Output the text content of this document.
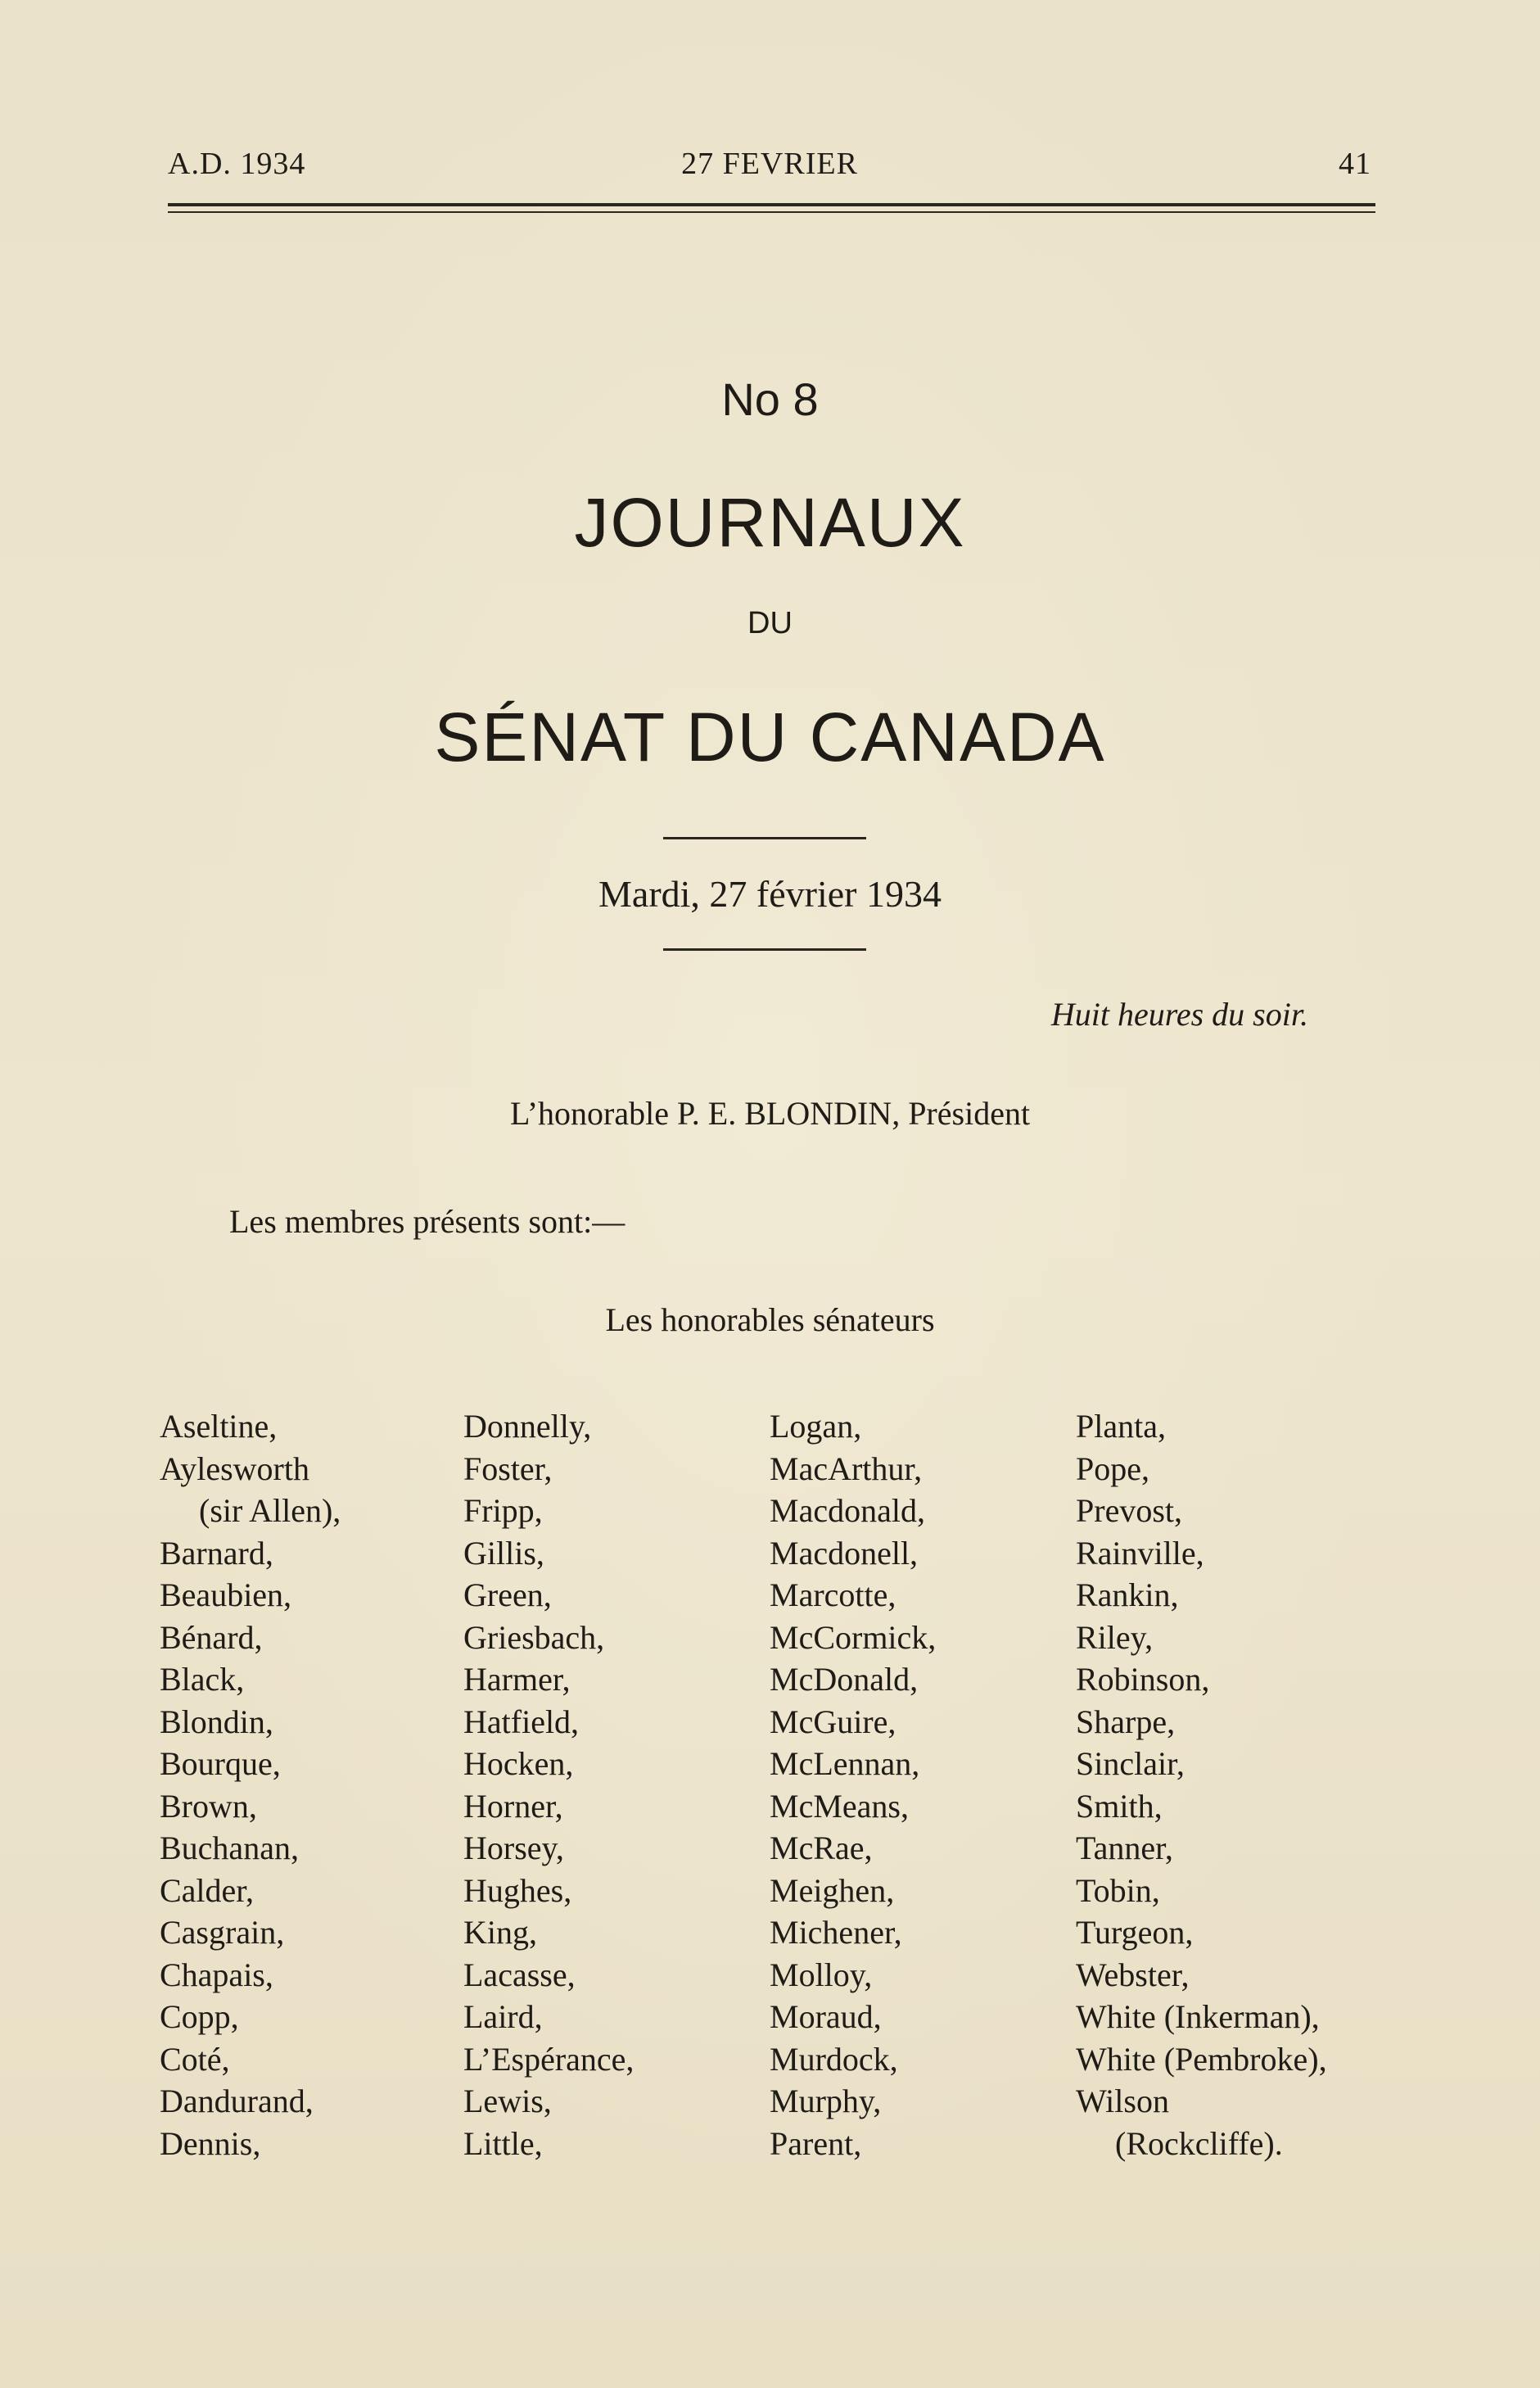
A.D. 1934	27 FEVRIER	41
No 8
JOURNAUX
DU
SÉNAT DU CANADA
Mardi, 27 février 1934
Huit heures du soir.
L’honorable P. E. BLONDIN, Président
Les membres présents sont:—
Les honorables sénateurs
Aseltine,
Aylesworth
(sir Allen),
Barnard,
Beaubien,
Bénard,
Black,
Blondin,
Bourque,
Brown,
Buchanan,
Calder,
Casgrain,
Chapais,
Copp,
Coté,
Dandurand,
Dennis,
Donnelly,
Foster,
Fripp,
Gillis,
Green,
Griesbach,
Harmer,
Hatfield,
Hocken,
Horner,
Horsey,
Hughes,
King,
Lacasse,
Laird,
L’Espérance,
Lewis,
Little,
Logan,
MacArthur,
Macdonald,
Macdonell,
Marcotte,
McCormick,
McDonald,
McGuire,
McLennan,
McMeans,
McRae,
Meighen,
Michener,
Molloy,
Moraud,
Murdock,
Murphy,
Parent,
Planta,
Pope,
Prevost,
Rainville,
Rankin,
Riley,
Robinson,
Sharpe,
Sinclair,
Smith,
Tanner,
Tobin,
Turgeon,
Webster,
White (Inkerman),
White (Pembroke),
Wilson
(Rockcliffe).
